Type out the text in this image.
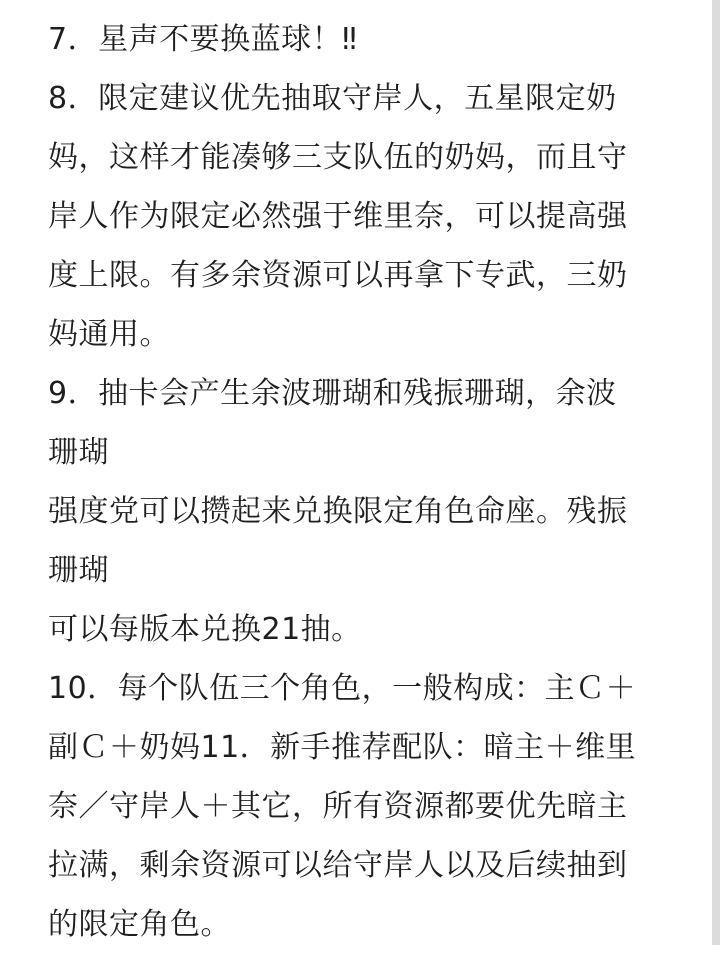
7．星声不要换蓝球！‼
8．限定建议优先抽取守岸人，五星限定奶
妈，这样才能凑够三支队伍的奶妈，而且守
岸人作为限定必然强于维里奈，可以提高强
度上限。有多余资源可以再拿下专武，三奶
妈通用。
9．抽卡会产生余波珊瑚和残振珊瑚，余波
珊瑚
强度党可以攒起来兑换限定角色命座。残振
珊瑚
可以每版本兑换21抽。
10．每个队伍三个角色，一般构成：主Ｃ＋
副Ｃ＋奶妈11．新手推荐配队：暗主＋维里
奈／守岸人＋其它，所有资源都要优先暗主
拉满，剩余资源可以给守岸人以及后续抽到
的限定角色。
